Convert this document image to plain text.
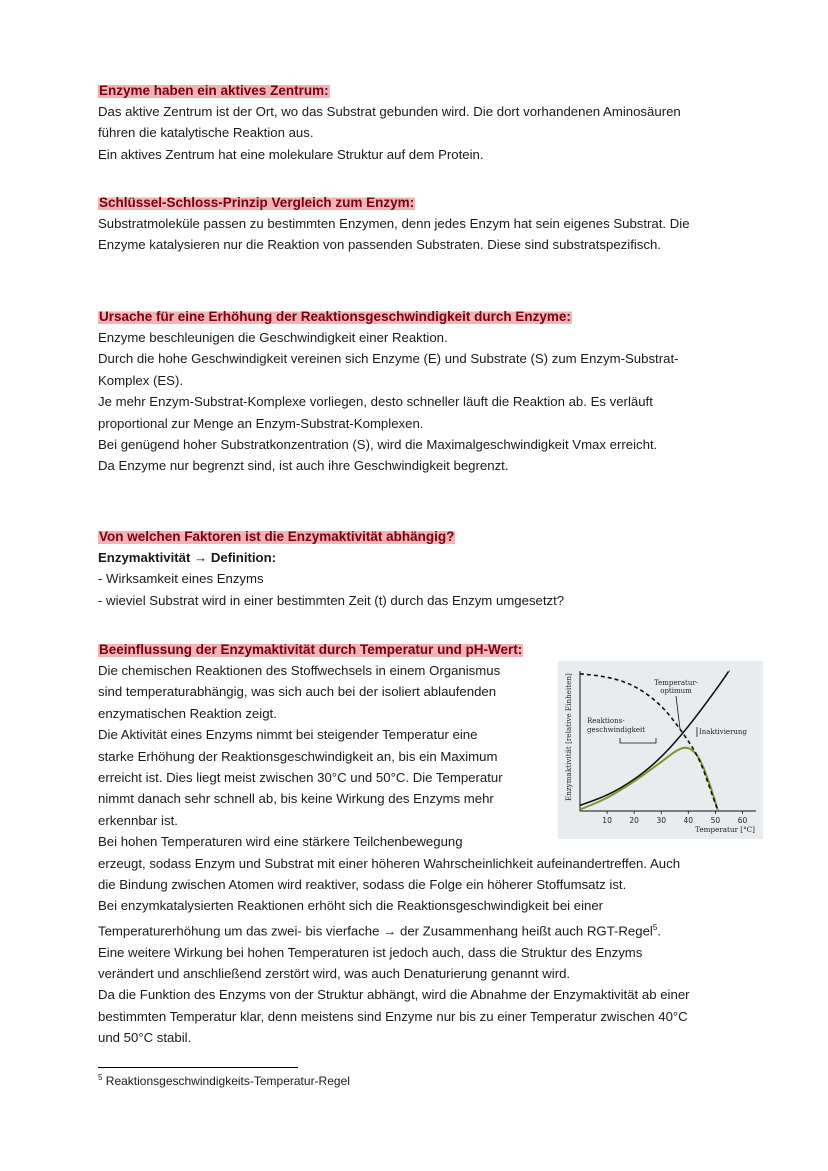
Enzyme haben ein aktives Zentrum:
Das aktive Zentrum ist der Ort, wo das Substrat gebunden wird. Die dort vorhandenen Aminosäuren
führen die katalytische Reaktion aus.
Ein aktives Zentrum hat eine molekulare Struktur auf dem Protein.
Schlüssel-Schloss-Prinzip Vergleich zum Enzym:
Substratmoleküle passen zu bestimmten Enzymen, denn jedes Enzym hat sein eigenes Substrat. Die
Enzyme katalysieren nur die Reaktion von passenden Substraten. Diese sind substratspezifisch.
Ursache für eine Erhöhung der Reaktionsgeschwindigkeit durch Enzyme:
Enzyme beschleunigen die Geschwindigkeit einer Reaktion.
Durch die hohe Geschwindigkeit vereinen sich Enzyme (E) und Substrate (S) zum Enzym-Substrat-
Komplex (ES).
Je mehr Enzym-Substrat-Komplexe vorliegen, desto schneller läuft die Reaktion ab. Es verläuft
proportional zur Menge an Enzym-Substrat-Komplexen.
Bei genügend hoher Substratkonzentration (S), wird die Maximalgeschwindigkeit Vmax erreicht.
Da Enzyme nur begrenzt sind, ist auch ihre Geschwindigkeit begrenzt.
Von welchen Faktoren ist die Enzymaktivität abhängig?
Enzymaktivität → Definition:
- Wirksamkeit eines Enzyms
- wieviel Substrat wird in einer bestimmten Zeit (t) durch das Enzym umgesetzt?
Beeinflussung der Enzymaktivität durch Temperatur und pH-Wert:
Die chemischen Reaktionen des Stoffwechsels in einem Organismus
sind temperaturabhängig, was sich auch bei der isoliert ablaufenden
enzymatischen Reaktion zeigt.
Die Aktivität eines Enzyms nimmt bei steigender Temperatur eine
starke Erhöhung der Reaktionsgeschwindigkeit an, bis ein Maximum
erreicht ist. Dies liegt meist zwischen 30°C und 50°C. Die Temperatur
nimmt danach sehr schnell ab, bis keine Wirkung des Enzyms mehr
erkennbar ist.
Bei hohen Temperaturen wird eine stärkere Teilchenbewegung
erzeugt, sodass Enzym und Substrat mit einer höheren Wahrscheinlichkeit aufeinandertreffen. Auch
die Bindung zwischen Atomen wird reaktiver, sodass die Folge ein höherer Stoffumsatz ist.
Bei enzymkatalysierten Reaktionen erhöht sich die Reaktionsgeschwindigkeit bei einer
Temperaturerhöhung um das zwei- bis vierfache → der Zusammenhang heißt auch RGT-Regel$^5$.
Eine weitere Wirkung bei hohen Temperaturen ist jedoch auch, dass die Struktur des Enzyms
verändert und anschließend zerstört wird, was auch Denaturierung genannt wird.
Da die Funktion des Enzyms von der Struktur abhängt, wird die Abnahme der Enzymaktivität ab einer
bestimmten Temperatur klar, denn meistens sind Enzyme nur bis zu einer Temperatur zwischen 40°C
und 50°C stabil.
Enzymaktivität [relative Einheiten]
Temperatur [°C]
10 20 30 40 50 60
Temperatur-
optimum
Reaktions-
geschwindigkeit	Inaktivierung
$^5$ Reaktionsgeschwindigkeits-Temperatur-Regel
